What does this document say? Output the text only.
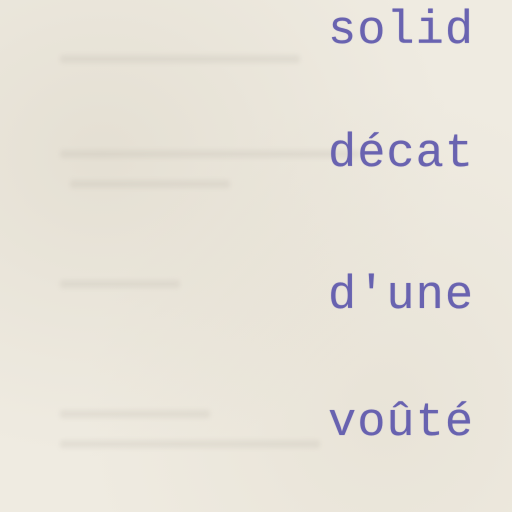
solid

décat

d'une

voûté
